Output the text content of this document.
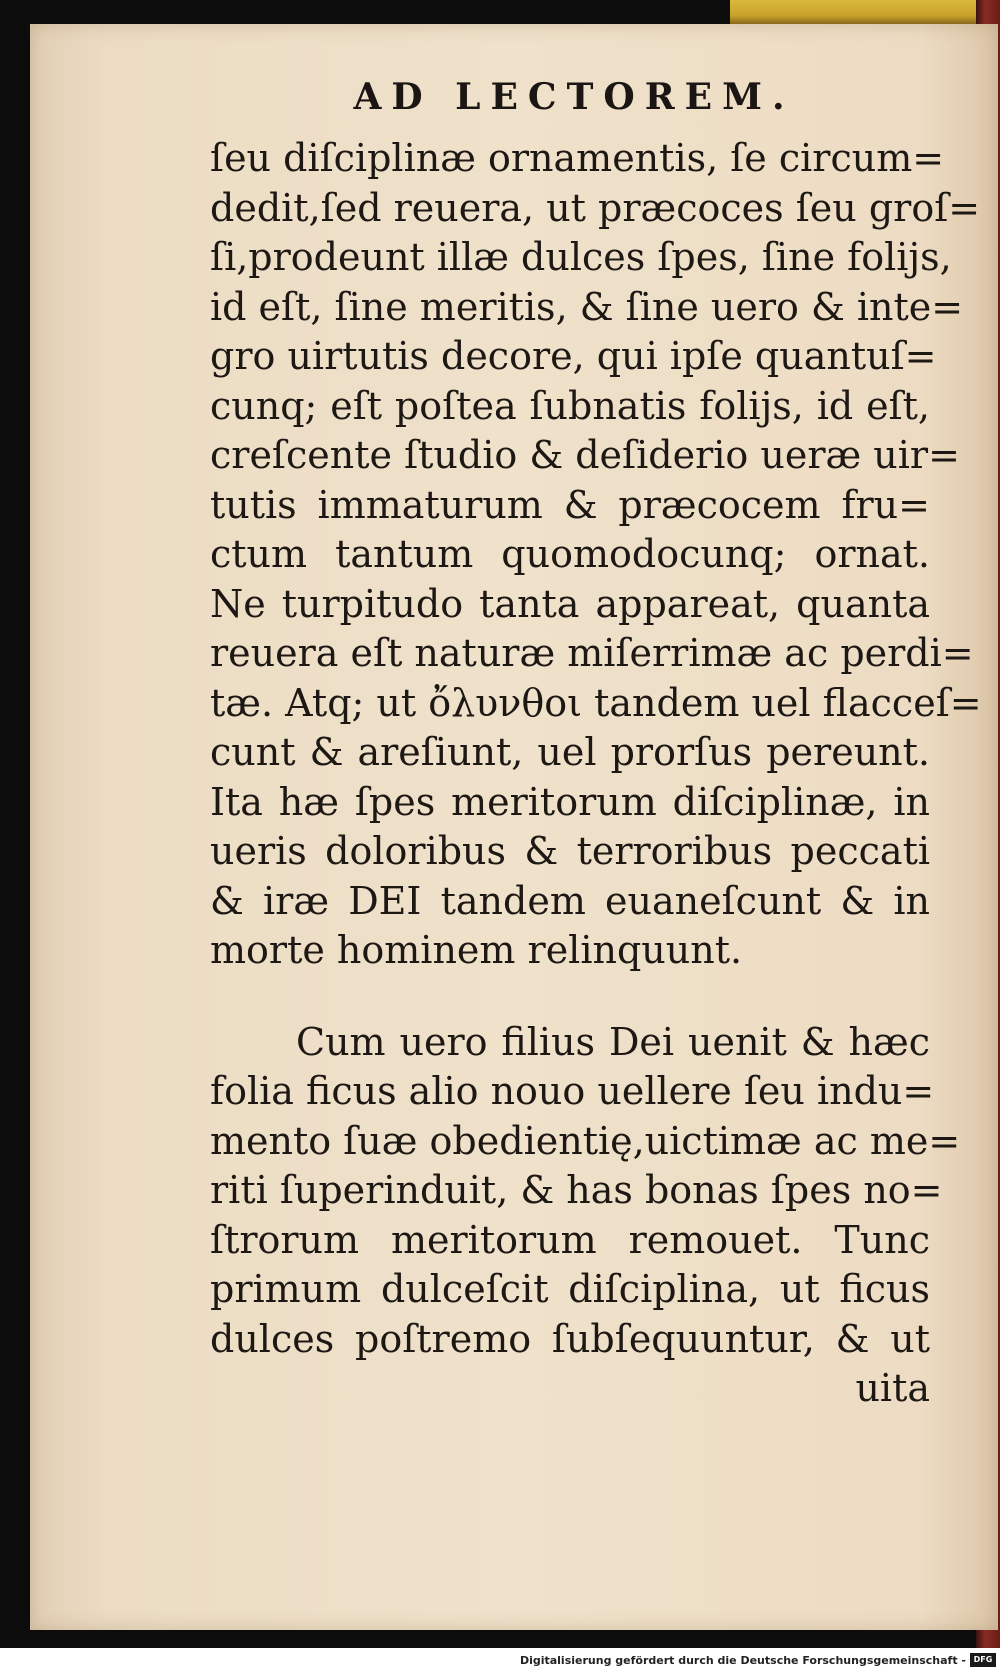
AD LECTOREM.
ſeu diſciplinæ ornamentis, ſe circum=
dedit,ſed reuera, ut præcoces ſeu groſ=
ſi,prodeunt illæ dulces ſpes, ſine folijs,
id eſt, ſine meritis, & ſine uero & inte=
gro uirtutis decore, qui ipſe quantuſ=
cunq; eſt poſtea ſubnatis folijs, id eſt,
creſcente ſtudio & deſiderio ueræ uir=
tutis immaturum & præcocem fru=
ctum tantum quomodocunq; ornat.
Ne turpitudo tanta appareat, quanta
reuera eſt naturæ miſerrimæ ac perdi=
tæ. Atq; ut ὄλυνθοι tandem uel flacceſ=
cunt & areſiunt, uel prorſus pereunt.
Ita hæ ſpes meritorum diſciplinæ, in
ueris doloribus & terroribus peccati
& iræ DEI tandem euaneſcunt & in
morte hominem relinquunt.
Cum uero filius Dei uenit & hæc
folia ficus alio nouo uellere ſeu indu=
mento ſuæ obedientię,uictimæ ac me=
riti ſuperinduit, & has bonas ſpes no=
ſtrorum meritorum remouet. Tunc
primum dulceſcit diſciplina, ut ficus
dulces poſtremo ſubſequuntur, & ut
uita
Digitalisierung gefördert durch die Deutsche Forschungsgemeinschaft - DFG
